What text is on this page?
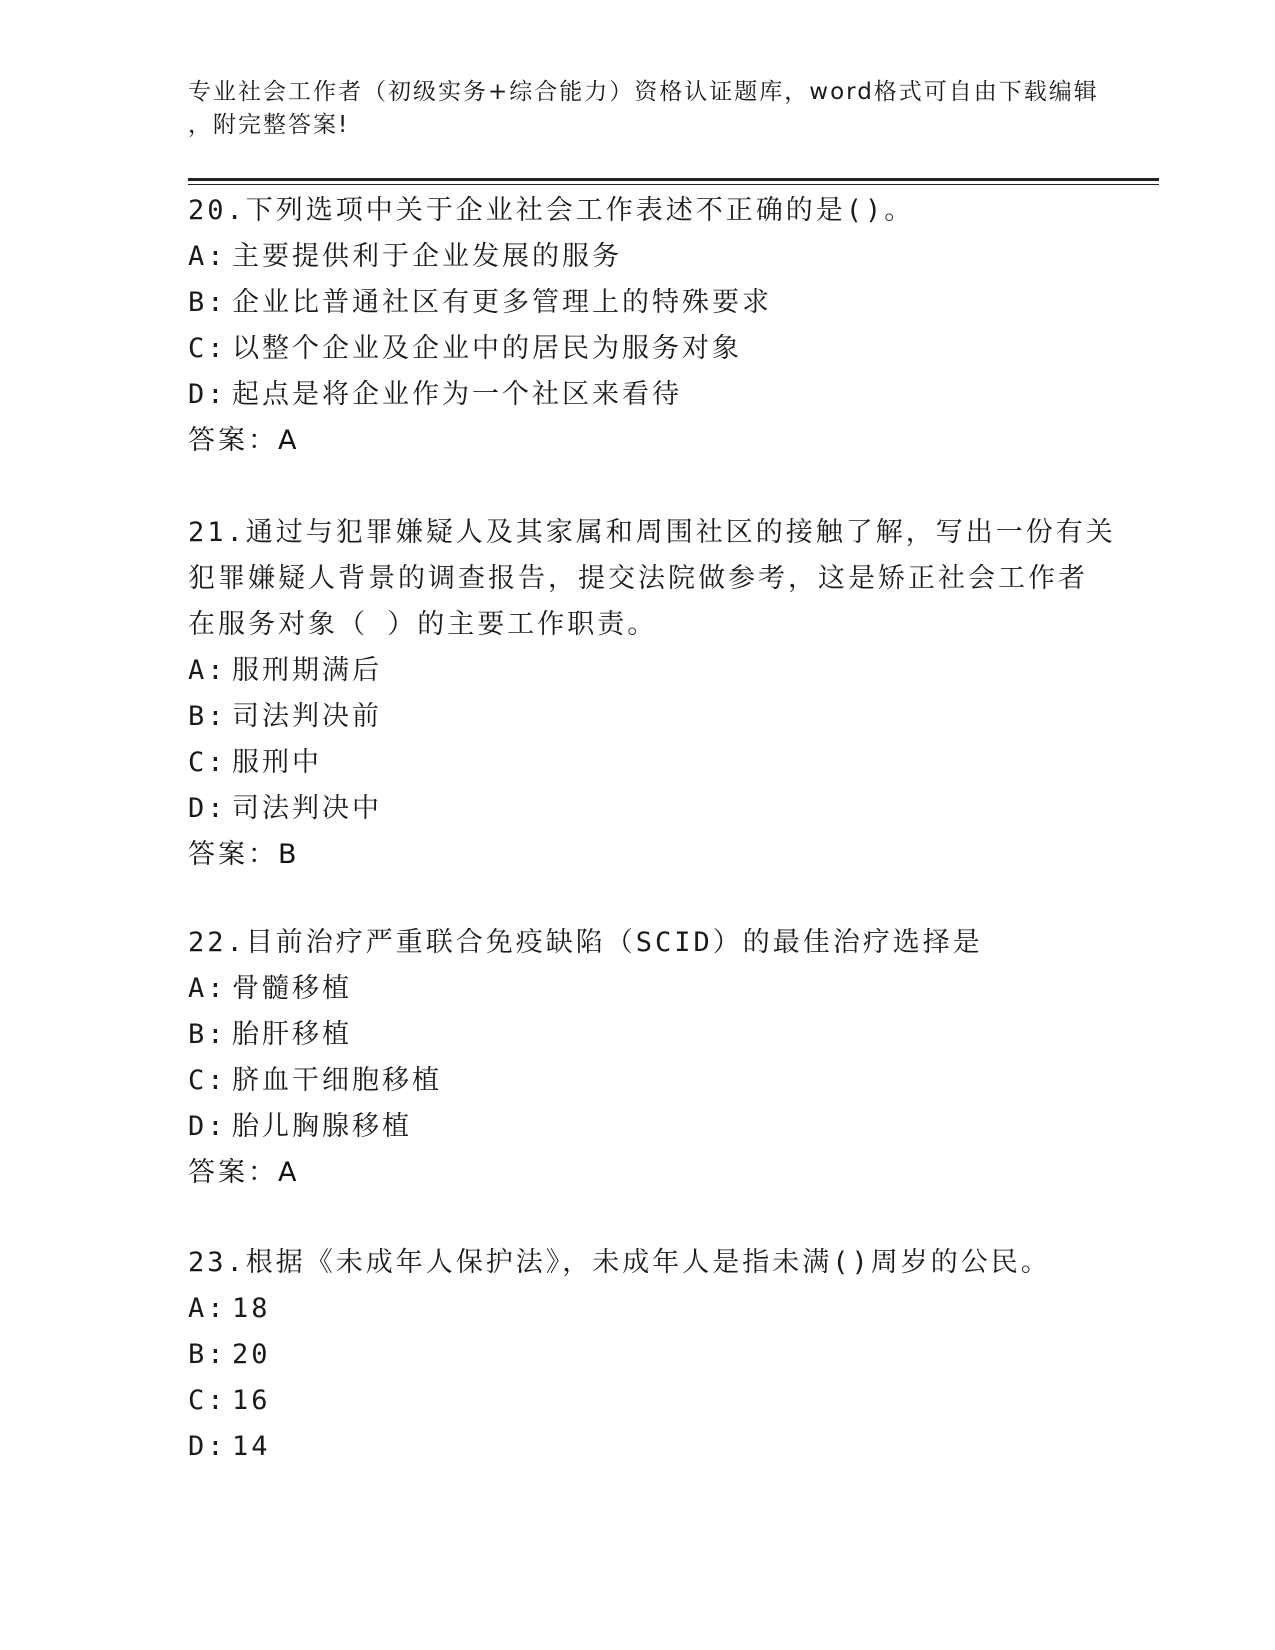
专业社会工作者（初级实务+综合能力）资格认证题库，word格式可自由下载编辑
，附完整答案!
20.下列选项中关于企业社会工作表述不正确的是()。
A: 主要提供利于企业发展的服务
B: 企业比普通社区有更多管理上的特殊要求
C: 以整个企业及企业中的居民为服务对象
D: 起点是将企业作为一个社区来看待
答案：A
21.通过与犯罪嫌疑人及其家属和周围社区的接触了解，写出一份有关
犯罪嫌疑人背景的调查报告，提交法院做参考，这是矫正社会工作者
在服务对象（ ）的主要工作职责。
A: 服刑期满后
B: 司法判决前
C: 服刑中
D: 司法判决中
答案：B
22.目前治疗严重联合免疫缺陷（SCID）的最佳治疗选择是
A: 骨髓移植
B: 胎肝移植
C: 脐血干细胞移植
D: 胎儿胸腺移植
答案：A
23.根据《未成年人保护法》，未成年人是指未满()周岁的公民。
A: 18
B: 20
C: 16
D: 14
